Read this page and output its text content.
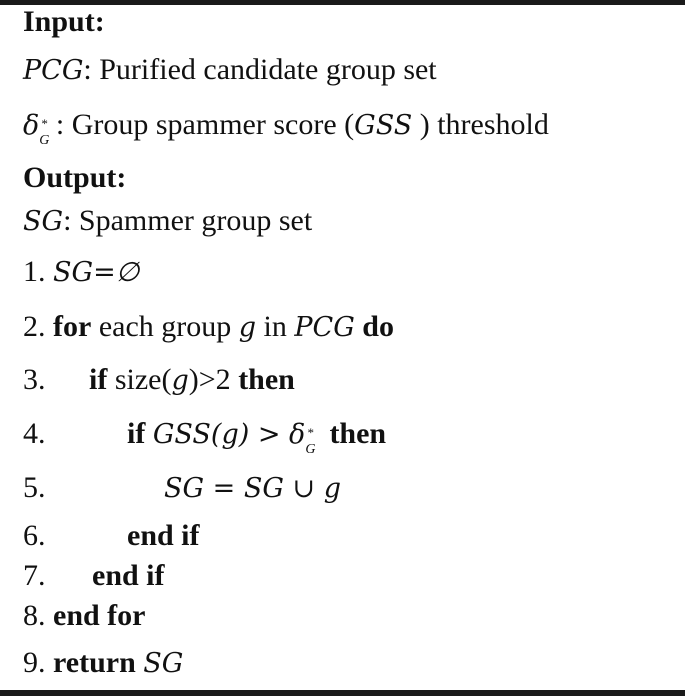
Input:
PCG: Purified candidate group set
$\delta_G^*$ : Group spammer score (GSS ) threshold
Output:
SG: Spammer group set
1. SG=∅
2. for each group g in PCG do
3. if size(g)>2 then
4.	if $GSS(g) > \delta_G^*$ then
5.	SG = SG ∪ g
6.	end if
7. end if
8. end for
9. return SG
